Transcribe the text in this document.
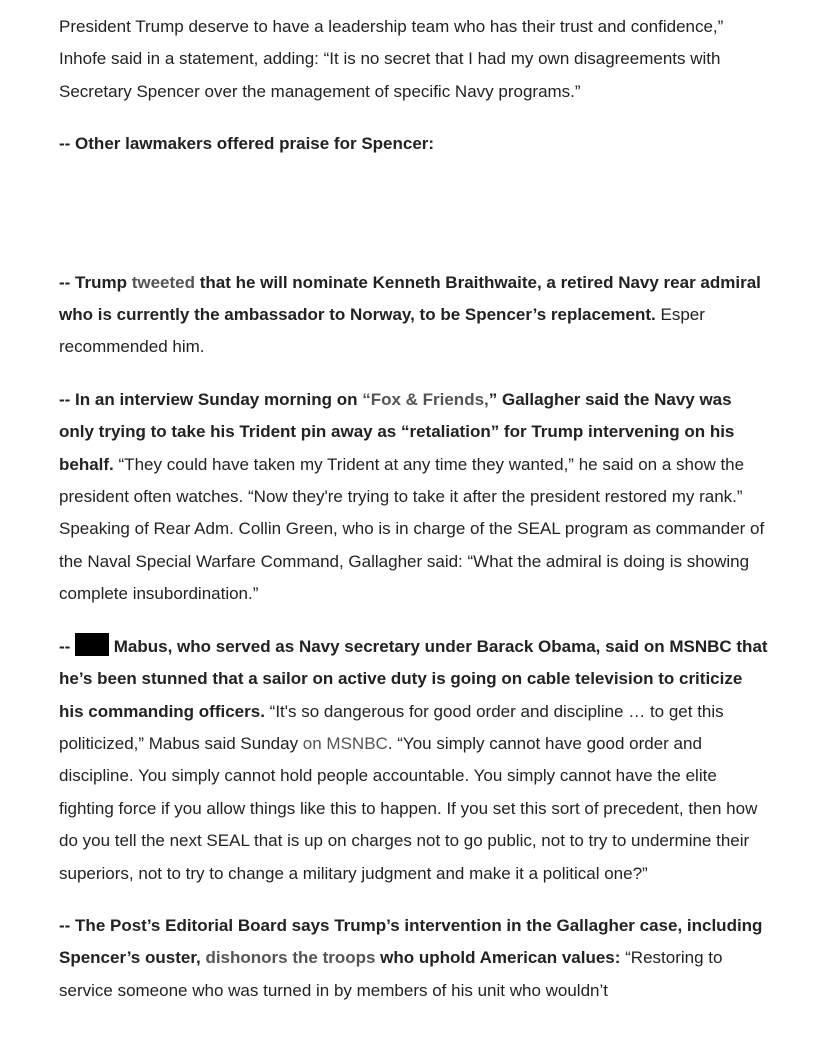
President Trump deserve to have a leadership team who has their trust and confidence,” Inhofe said in a statement, adding: “It is no secret that I had my own disagreements with Secretary Spencer over the management of specific Navy programs.”

-- Other lawmakers offered praise for Spencer:

-- Trump tweeted that he will nominate Kenneth Braithwaite, a retired Navy rear admiral who is currently the ambassador to Norway, to be Spencer’s replacement. Esper recommended him.

-- In an interview Sunday morning on “Fox & Friends,” Gallagher said the Navy was only trying to take his Trident pin away as “retaliation” for Trump intervening on his behalf. “They could have taken my Trident at any time they wanted,” he said on a show the president often watches. “Now they're trying to take it after the president restored my rank.” Speaking of Rear Adm. Collin Green, who is in charge of the SEAL program as commander of the Naval Special Warfare Command, Gallagher said: “What the admiral is doing is showing complete insubordination.”

--  Mabus, who served as Navy secretary under Barack Obama, said on MSNBC that he’s been stunned that a sailor on active duty is going on cable television to criticize his commanding officers. “It's so dangerous for good order and discipline … to get this politicized,” Mabus said Sunday on MSNBC. “You simply cannot have good order and discipline. You simply cannot hold people accountable. You simply cannot have the elite fighting force if you allow things like this to happen. If you set this sort of precedent, then how do you tell the next SEAL that is up on charges not to go public, not to try to undermine their superiors, not to try to change a military judgment and make it a political one?”

-- The Post’s Editorial Board says Trump’s intervention in the Gallagher case, including Spencer’s ouster, dishonors the troops who uphold American values: “Restoring to service someone who was turned in by members of his unit who wouldn’t
